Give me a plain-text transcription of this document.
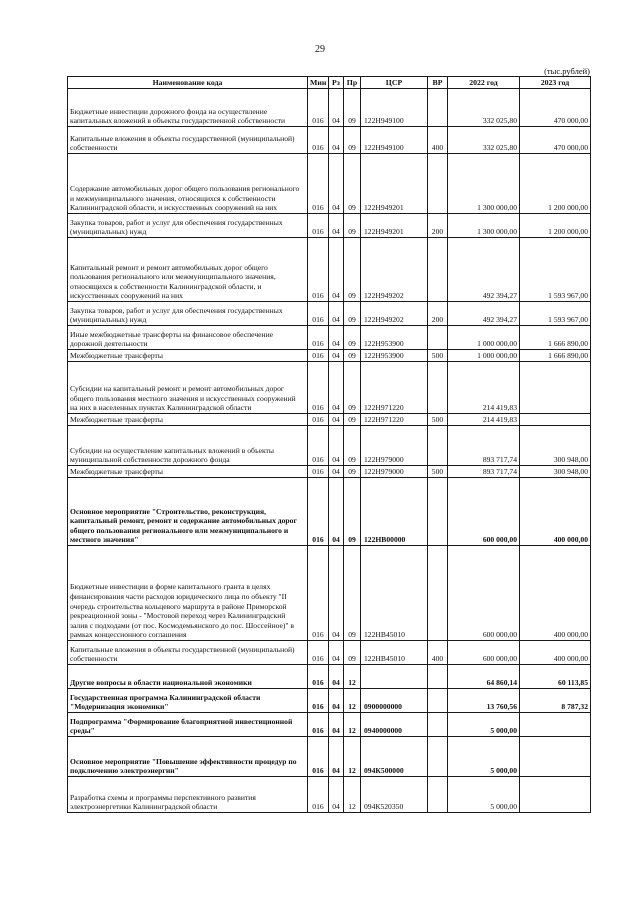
29
(тыс.рублей)
Наименование кода	Мин	Рз	Пр	ЦСР	ВР	2022 год	2023 год
Бюджетные инвестиции дорожного фонда на осуществление капитальных вложений в объекты государственной собственности	016	04	09	122Н949100		332 025,80	470 000,00
Капитальные вложения в объекты государственной (муниципальной) собственности	016	04	09	122Н949100	400	332 025,80	470 000,00
Содержание автомобильных дорог общего пользования регионального и межмуниципального значения, относящихся к собственности Калининградской области, и искусственных сооружений на них	016	04	09	122Н949201		1 300 000,00	1 200 000,00
Закупка товаров, работ и услуг для обеспечения государственных (муниципальных) нужд	016	04	09	122Н949201	200	1 300 000,00	1 200 000,00
Капитальный ремонт и ремонт автомобильных дорог общего пользования регионального или межмуниципального значения, относящихся к собственности Калининградской области, и искусственных сооружений на них	016	04	09	122Н949202		492 394,27	1 593 967,00
Закупка товаров, работ и услуг для обеспечения государственных (муниципальных) нужд	016	04	09	122Н949202	200	492 394,27	1 593 967,00
Иные межбюджетные трансферты на финансовое обеспечение дорожной деятельности	016	04	09	122Н953900		1 000 000,00	1 666 890,00
Межбюджетные трансферты	016	04	09	122Н953900	500	1 000 000,00	1 666 890,00
Субсидии на капитальный ремонт и ремонт автомобильных дорог общего пользования местного значения и искусственных сооружений на них в населенных пунктах Калининградской области	016	04	09	122Н971220		214 419,83	
Межбюджетные трансферты	016	04	09	122Н971220	500	214 419,83	
Субсидии на осуществление капитальных вложений в объекты муниципальной собственности дорожного фонда	016	04	09	122Н979000		893 717,74	300 948,00
Межбюджетные трансферты	016	04	09	122Н979000	500	893 717,74	300 948,00
Основное мероприятие "Строительство, реконструкция, капитальный ремонт, ремонт и содержание автомобильных дорог общего пользования регионального или межмуниципального и местного значения"	016	04	09	122НВ00000		600 000,00	400 000,00
Бюджетные инвестиции в форме капитального гранта в целях финансирования части расходов юридического лица по объекту "II очередь строительства кольцевого маршрута в районе Приморской рекреационной зоны - "Мостовой переход через Калининградский залив с подходами (от пос. Космодемьянского до пос. Шоссейное)" в рамках концессионного соглашения	016	04	09	122НВ45010		600 000,00	400 000,00
Капитальные вложения в объекты государственной (муниципальной) собственности	016	04	09	122НВ45010	400	600 000,00	400 000,00
Другие вопросы в области национальной экономики	016	04	12			64 860,14	60 113,85
Государственная программа Калининградской области "Модернизация экономики"	016	04	12	0900000000		13 760,56	8 787,32
Подпрограмма "Формирование благоприятной инвестиционной среды"	016	04	12	0940000000		5 000,00	
Основное мероприятие "Повышение эффективности процедур по подключению электроэнергии"	016	04	12	094К500000		5 000,00	
Разработка схемы и программы перспективного развития электроэнергетики Калининградской области	016	04	12	094К520350		5 000,00	
